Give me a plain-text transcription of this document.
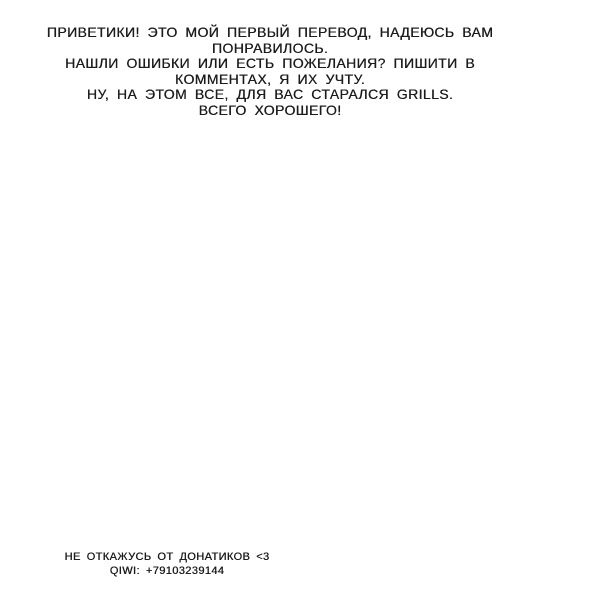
ПРИВЕТИКИ! ЭТО МОЙ ПЕРВЫЙ ПЕРЕВОД, НАДЕЮСЬ ВАМ
ПОНРАВИЛОСЬ.
НАШЛИ ОШИБКИ ИЛИ ЕСТЬ ПОЖЕЛАНИЯ? ПИШИТИ В
КОММЕНТАХ, Я ИХ УЧТУ.
НУ, НА ЭТОМ ВСЕ, ДЛЯ ВАС СТАРАЛСЯ GRILLS.
ВСЕГО ХОРОШЕГО!
НЕ ОТКАЖУСЬ ОТ ДОНАТИКОВ <3
QIWI: +79103239144
